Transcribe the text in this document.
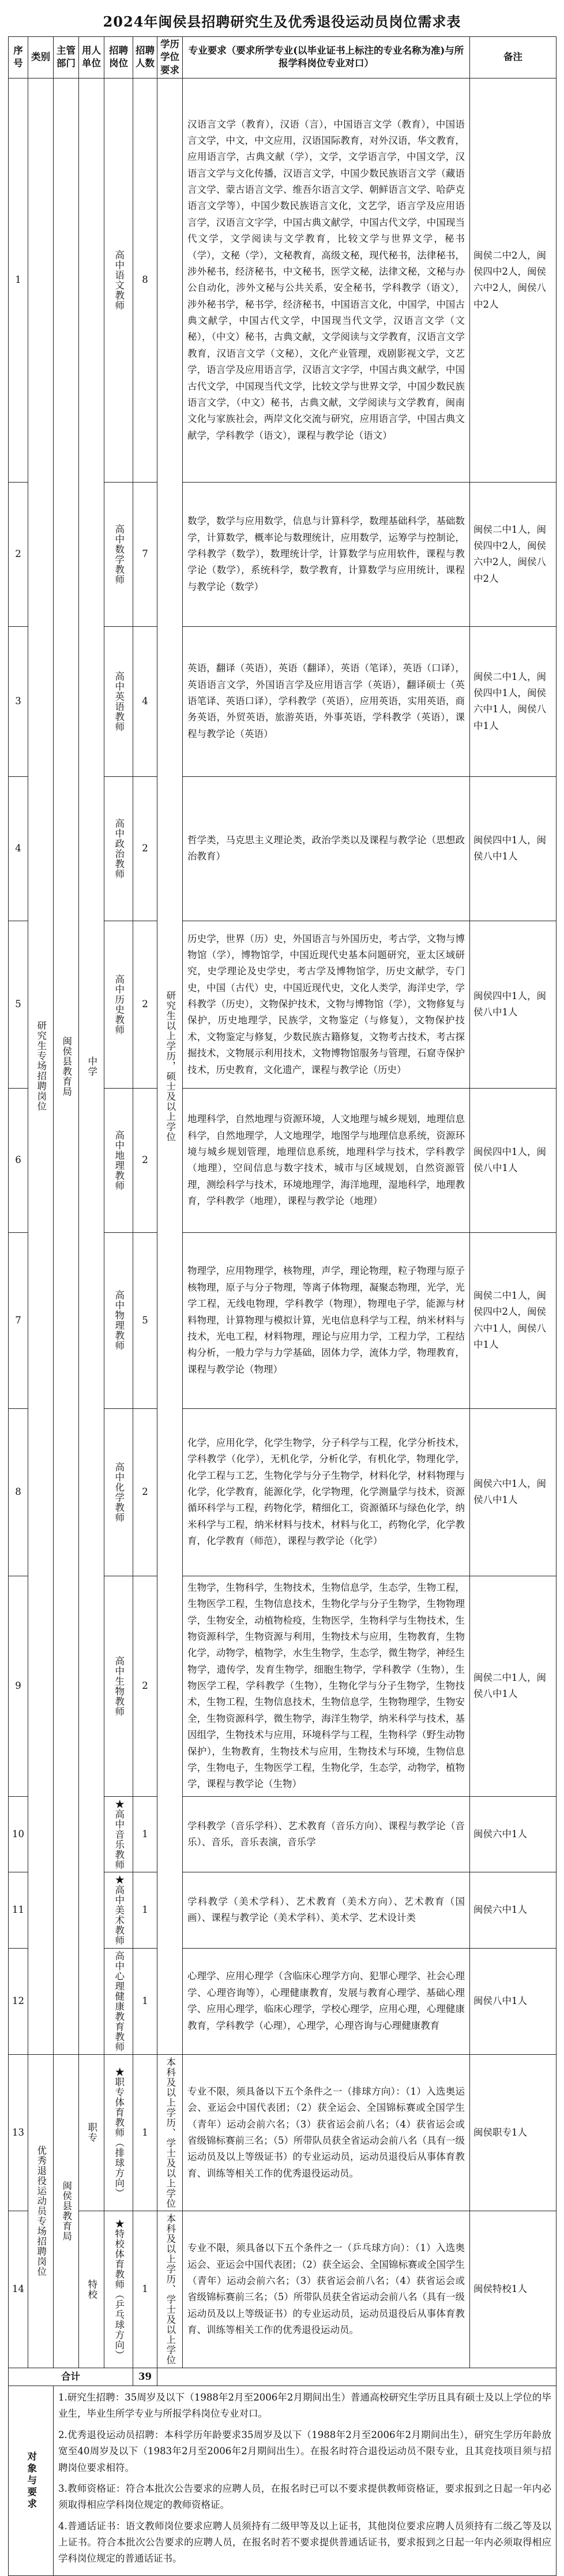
2024年闽侯县招聘研究生及优秀退役运动员岗位需求表
序号	类别	主管部门	用人单位	招聘岗位	招聘人数	学历学位要求	专业要求（要求所学专业(以毕业证书上标注的专业名称为准)与所报学科岗位专业对口）	备注
1	研究生专场招聘岗位	闽侯县教育局	中学	高中语文教师	8	研究生以上学历，硕士及以上学位	汉语言文学（教育），汉语（言），中国语言文学（教育），中国语言文学，中文，中文应用，汉语国际教育，对外汉语，华文教育，应用语言学，古典文献（学），文学，文学语言学，中国文学，汉语言文学与文化传播，汉语言文学，中国少数民族语言文学（藏语言文学、蒙古语言文学、维吾尔语言文学、朝鲜语言文学、哈萨克语言文学等），中国少数民族语言文化，文艺学，语言学及应用语言学，汉语言文字学，中国古典文献学，中国古代文学，中国现当代文学，文学阅读与文学教育，比较文学与世界文学，秘书（学），文秘（学），文秘教育，高级文秘，现代秘书，法律秘书，涉外秘书，经济秘书，中文秘书，医学文秘，法律文秘，文秘与办公自动化，涉外文秘与公共关系，安全秘书，学科教学（语文），涉外秘书学，秘书学，经济秘书，中国语言文化，中国学，中国古典文献学，中国古代文学，中国现当代文学，汉语言文学（文秘），（中文）秘书，古典文献，文学阅读与文学教育，汉语言文学教育，汉语言文学（文秘），文化产业管理，戏剧影视文学，文艺学，语言学及应用语言学，汉语言文字学，中国古典文献学，中国古代文学，中国现当代文学，比较文学与世界文学，中国少数民族语言文学，（中文）秘书，古典文献，文学阅读与文学教育，闽南文化与家族社会，两岸文化交流与研究，应用语言学，中国古典文献学，学科教学（语文），课程与教学论（语文）	闽侯二中2人，闽侯四中2人，闽侯六中2人，闽侯八中2人
2				高中数学教师	7		数学，数学与应用数学，信息与计算科学，数理基础科学，基础数学，计算数学，概率论与数理统计，应用数学，运筹学与控制论，学科教学（数学），数理统计学，计算数学与应用软件，课程与教学论（数学），系统科学，数学教育，计算数学与应用统计，课程与教学论（数学）	闽侯二中1人，闽侯四中2人，闽侯六中2人，闽侯八中2人
3				高中英语教师	4		英语，翻译（英语），英语（翻译），英语（笔译），英语（口译），英语语言文学，外国语言学及应用语言学（英语），翻译硕士（英语笔译、英语口译），学科教学（英语），应用英语，实用英语，商务英语，外贸英语，旅游英语，外事英语，学科教学（英语），课程与教学论（英语）	闽侯二中1人，闽侯四中1人，闽侯六中1人，闽侯八中1人
4				高中政治教师	2		哲学类，马克思主义理论类，政治学类以及课程与教学论（思想政治教育）	闽侯四中1人，闽侯八中1人
5				高中历史教师	2		历史学，世界（历）史，外国语言与外国历史，考古学，文物与博物馆（学），博物馆学，中国近现代史基本问题研究，亚太区域研究，史学理论及史学史，考古学及博物馆学，历史文献学，专门史，中国（古代）史，中国近现代史，文化人类学，海洋史学，学科教学（历史），文物保护技术，文物与博物馆（学），文物修复与保护，历史地理学，民族学，文物鉴定（与修复），文物保护技术，文物鉴定与修复，少数民族古籍修复，文物考古技术，考古探掘技术，文物展示利用技术，文物博物馆服务与管理，石窟寺保护技术，历史教育，文化遗产，课程与教学论（历史）	闽侯四中1人，闽侯八中1人
6				高中地理教师	2		地理科学，自然地理与资源环境，人文地理与城乡规划，地理信息科学，自然地理学，人文地理学，地图学与地理信息系统，资源环境与城乡规划管理，地理信息系统，地理科学与技术，学科教学（地理），空间信息与数字技术，城市与区域规划，自然资源管理，测绘科学与技术，环境地理学，海洋地理，湿地科学，地理教育，学科教学（地理），课程与教学论（地理）	闽侯四中1人，闽侯八中1人
7				高中物理教师	5		物理学，应用物理学，核物理，声学，理论物理，粒子物理与原子核物理，原子与分子物理，等离子体物理，凝聚态物理，光学，光学工程，无线电物理，学科教学（物理），物理电子学，能源与材料物理，计算物理与模拟计算，光电信息科学与工程，纳米材料与技术，光电工程，材料物理，理论与应用力学，工程力学，工程结构分析，一般力学与力学基础，固体力学，流体力学，物理教育，课程与教学论（物理）	闽侯二中1人，闽侯四中2人，闽侯六中1人，闽侯八中1人
8				高中化学教师	2		化学，应用化学，化学生物学，分子科学与工程，化学分析技术，学科教学（化学），无机化学，分析化学，有机化学，物理化学，化学工程与工艺，生物化学与分子生物学，材料化学，材料物理与化学，化学教育，能源化学，化学物理，化学测量学与技术，资源循环科学与工程，药物化学，精细化工，资源循环与绿色化学，纳米科学与工程，纳米材料与技术，材料与化工，药物化学，化学教育，化学教育（师范），课程与教学论（化学）	闽侯六中1人，闽侯八中1人
9				高中生物教师	2		生物学，生物科学，生物技术，生物信息学，生态学，生物工程，生物医学工程，生物信息技术，生物化学与分子生物学，生物物理学，生物安全，动植物检疫，生物医学，生物科学与生物技术，生物资源科学，生物资源与利用，生物技术与应用，生物教育，生物化学，动物学，植物学，水生生物学，生态学，微生物学，神经生物学，遗传学，发育生物学，细胞生物学，学科教学（生物），生物医学工程，学科教学（生物），生物化学与分子生物学，生物技术，生物工程，生物信息技术，生物信息学，生物物理学，生物安全，生物资源科学，微生物学，海洋生物学，纳米科学与技术，基因组学，生物技术与应用，环境科学与工程，生物科学（野生动物保护），生物教育，生物技术与应用，生物技术与环境，生物信息学，生物电子，生物医学工程，生物化学，生态学，动物学，植物学，课程与教学论（生物）	闽侯二中1人，闽侯八中1人
10				★高中音乐教师	1		学科教学（音乐学科）、艺术教育（音乐方向）、课程与教学论（音乐）、音乐，音乐表演，音乐学	闽侯六中1人
11				★高中美术教师	1		学科教学（美术学科）、艺术教育（美术方向）、艺术教育（国画）、课程与教学论（美术学科）、美术学、艺术设计类	闽侯六中1人
12				高中心理健康教育教师	1		心理学、应用心理学（含临床心理学方向、犯罪心理学、社会心理学、心理咨询等），心理健康教育，发展与教育心理学、基础心理学、应用心理学，临床心理学，学校心理学，应用心理，心理健康教育，学科教学（心理），心理学，心理咨询与心理健康教育	闽侯八中1人
13	优秀退役运动员专场招聘岗位	闽侯县教育局	职专	★职专体育教师（排球方向）	1	本科及以上学历、学士及以上学位	专业不限，须具备以下五个条件之一（排球方向）：（1）入选奥运会、亚运会中国代表团；（2）获全运会、全国锦标赛或全国学生（青年）运动会前六名；（3）获省运会前八名；（4）获省运会或省级锦标赛前三名；（5）所带队员获全省运动会前八名（具有一级运动员及以上等级证书）的专业运动员，运动员退役后从事体育教育、训练等相关工作的优秀退役运动员。	闽侯职专1人
14			特校	★特校体育教师（乒乓球方向）	1	本科及以上学历、学士及以上学位	专业不限，须具备以下五个条件之一（乒乓球方向）：（1）入选奥运会、亚运会中国代表团；（2）获全运会、全国锦标赛或全国学生（青年）运动会前六名；（3）获省运会前八名；（4）获省运会或省级锦标赛前三名；（5）所带队员获全省运动会前八名（具有一级运动员及以上等级证书）的专业运动员，运动员退役后从事体育教育、训练等相关工作的优秀退役运动员。	闽侯特校1人
合计					39			
对象与要求		1.研究生招聘：35周岁及以下（1988年2月至2006年2月期间出生）普通高校研究生学历且具有硕士及以上学位的毕业生，毕业生所学专业与所报学科岗位专业对口。

2.优秀退役运动员招聘：本科学历年龄要求35周岁及以下（1988年2月至2006年2月期间出生），研究生学历年龄放宽至40周岁及以下（1983年2月至2006年2月期间出生）。在报名时符合退役运动员不限专业，且其竞技项目须与招聘岗位要求相符。

3.教师资格证：符合本批次公告要求的应聘人员，在报名时已可以不要求提供教师资格证，要求报到之日起一年内必须取得相应学科岗位规定的教师资格证。

4.普通话证书：语文教师岗位要求应聘人员须持有二级甲等及以上证书，其他岗位要求应聘人员须持有二级乙等及以上证书。符合本批次公告要求的应聘人员，在报名时若不要求提供普通话证书，要求报到之日起一年内必须取得相应学科岗位规定的普通话证书。						
